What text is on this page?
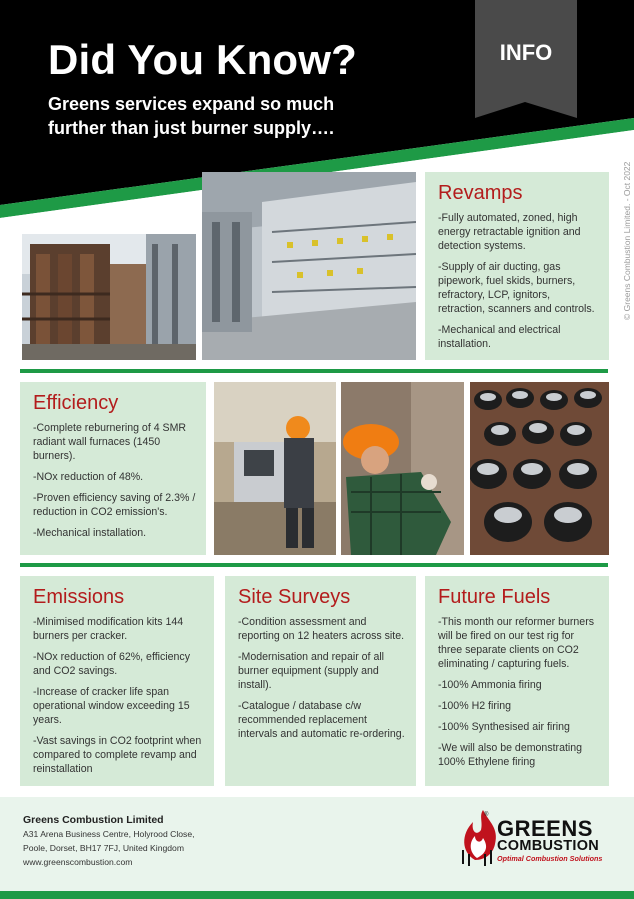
Did You Know?
Greens services expand so much further than just burner supply….
INFO
© Greens Combustion Limited. - Oct 2022
Revamps

-Fully automated, zoned, high energy retractable ignition and detection systems.

-Supply of air ducting, gas pipework, fuel skids, burners, refractory, LCP, ignitors, retraction, scanners and controls.

-Mechanical and electrical installation.

Efficiency

-Complete reburnering of 4 SMR radiant wall furnaces (1450 burners).

-NOx reduction of 48%.

-Proven efficiency saving of 2.3% / reduction in CO2 emission's.

-Mechanical installation.

Emissions

-Minimised modification kits 144 burners per cracker.

-NOx reduction of 62%, efficiency and CO2 savings.

-Increase of cracker life span operational window exceeding 15 years.

-Vast savings in CO2 footprint when compared to complete revamp and reinstallation

Site Surveys

-Condition assessment and reporting on 12 heaters across site.

-Modernisation and repair of all burner equipment (supply and install).

-Catalogue / database c/w recommended replacement intervals and automatic re-ordering.

Future Fuels

-This month our reformer burners will be fired on our test rig for three separate clients on CO2 eliminating / capturing fuels.

-100% Ammonia firing

-100% H2 firing

-100% Synthesised air firing

-We will also be demonstrating 100% Ethylene firing

Greens Combustion Limited
A31 Arena Business Centre, Holyrood Close,
Poole, Dorset, BH17 7FJ, United Kingdom
www.greenscombustion.com
®
GREENS
COMBUSTION
Optimal Combustion Solutions
